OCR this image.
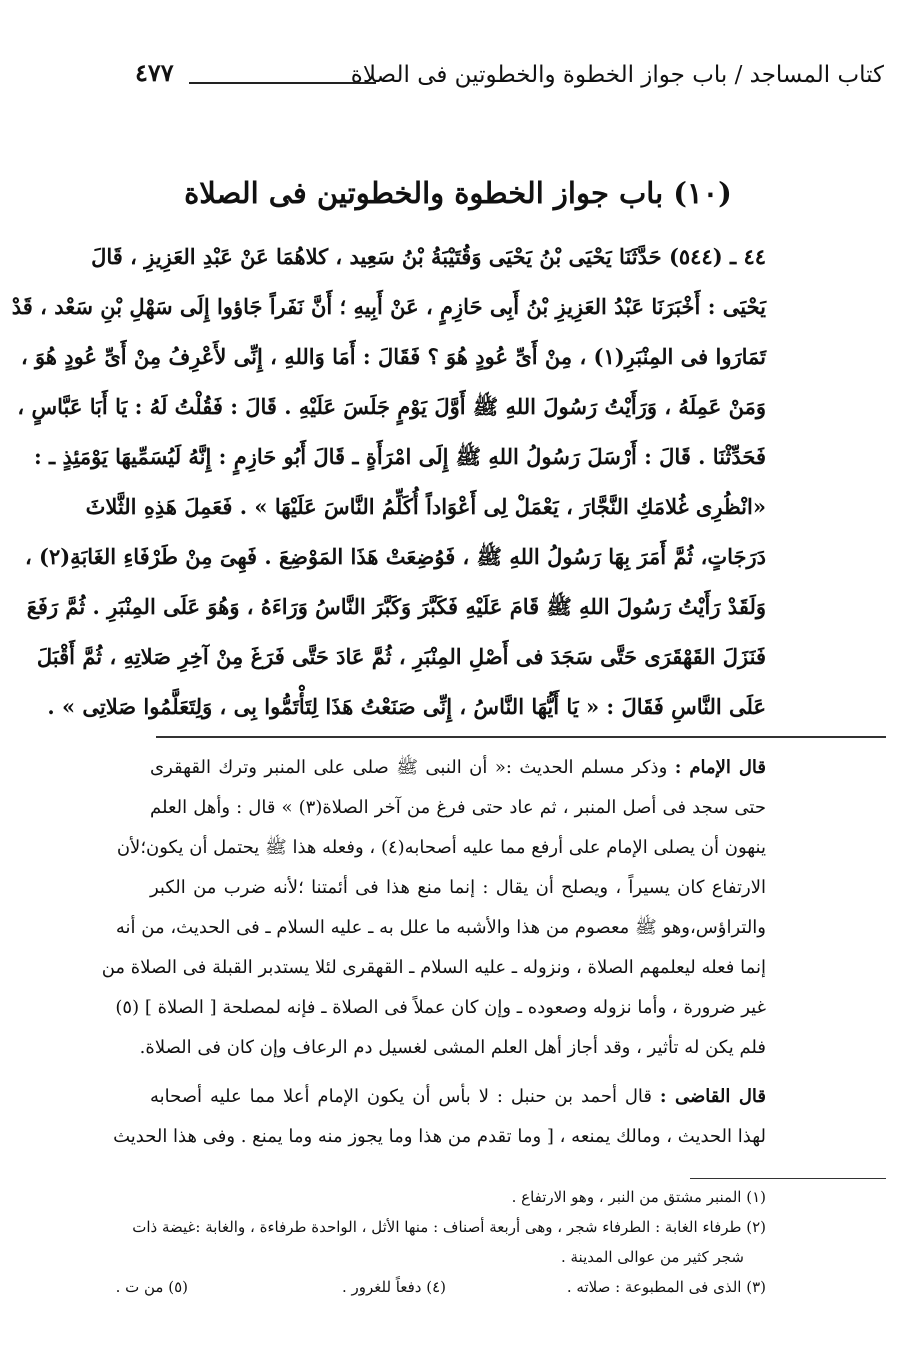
كتاب المساجد / باب جواز الخطوة والخطوتين فى الصلاة
٤٧٧
(١٠) باب جواز الخطوة والخطوتين فى الصلاة
٤٤ ـ (٥٤٤) حَدَّثَنَا يَحْيَى بْنُ يَحْيَى وَقُتَيْبَةُ بْنُ سَعِيد ، كلاهُمَا عَنْ عَبْدِ العَزِيزِ ، قَالَ
يَحْيَى : أَخْبَرَنَا عَبْدُ العَزِيزِ بْنُ أَبِى حَازِمٍ ، عَنْ أَبِيهِ ؛ أَنَّ نَفَراً جَاؤوا إِلَى سَهْلِ بْنِ سَعْد ، قَدْ
تَمَارَوا فى المِنْبَرِ(١) ، مِنْ أَىِّ عُودٍ هُوَ ؟ فَقَالَ : أَمَا وَاللهِ ، إِنِّى لأَعْرِفُ مِنْ أَىِّ عُودٍ هُوَ ،
وَمَنْ عَمِلَهُ ، وَرَأَيْتُ رَسُولَ اللهِ ﷺ أَوَّلَ يَوْمٍ جَلَسَ عَلَيْهِ . قَالَ : فَقُلْتُ لَهُ : يَا أَبَا عَبَّاسٍ ،
فَحَدِّثْنَا . قَالَ : أَرْسَلَ رَسُولُ اللهِ ﷺ إِلَى امْرَأَةٍ ـ قَالَ أَبُو حَازِمٍ : إِنَّهُ لَيُسَمِّيهَا يَوْمَئِذٍ ـ :
«انْظُرِى غُلامَكِ النَّجَّارَ ، يَعْمَلْ لِى أَعْوَاداً أُكَلِّمُ النَّاسَ عَلَيْهَا » . فَعَمِلَ هَذِهِ الثَّلاثَ
دَرَجَاتٍ، ثُمَّ أَمَرَ بِهَا رَسُولُ اللهِ ﷺ ، فَوُضِعَتْ هَذَا المَوْضِعَ . فَهِىَ مِنْ طَرْفَاءِ الغَابَةِ(٢) ،
وَلَقَدْ رَأَيْتُ رَسُولَ اللهِ ﷺ قَامَ عَلَيْهِ فَكَبَّرَ وَكَبَّرَ النَّاسُ وَرَاءَهُ ، وَهُوَ عَلَى المِنْبَرِ . ثُمَّ رَفَعَ
فَنَزَلَ القَهْقَرَى حَتَّى سَجَدَ فى أَصْلِ المِنْبَرِ ، ثُمَّ عَادَ حَتَّى فَرَغَ مِنْ آخِرِ صَلاتِهِ ، ثُمَّ أَقْبَلَ
عَلَى النَّاسِ فَقَالَ : « يَا أَيُّهَا النَّاسُ ، إِنِّى صَنَعْتُ هَذَا لِتَأْتَمُّوا بِى ، وَلِتَعَلَّمُوا صَلاتِى » .
قال الإمام : وذكر مسلم الحديث :« أن النبى ﷺ صلى على المنبر وترك القهقرى
حتى سجد فى أصل المنبر ، ثم عاد حتى فرغ من آخر الصلاة(٣) » قال : وأهل العلم
ينهون أن يصلى الإمام على أرفع مما عليه أصحابه(٤) ، وفعله هذا ﷺ يحتمل أن يكون؛لأن
الارتفاع كان يسيراً ، ويصلح أن يقال : إنما منع هذا فى أئمتنا ؛لأنه ضرب من الكبر
والتراؤس،وهو ﷺ معصوم من هذا والأشبه ما علل به ـ عليه السلام ـ فى الحديث، من أنه
إنما فعله ليعلمهم الصلاة ، ونزوله ـ عليه السلام ـ القهقرى لئلا يستدبر القبلة فى الصلاة من
غير ضرورة ، وأما نزوله وصعوده ـ وإن كان عملاً فى الصلاة ـ فإنه لمصلحة [ الصلاة ] (٥)
فلم يكن له تأثير ، وقد أجاز أهل العلم المشى لغسيل دم الرعاف وإن كان فى الصلاة.
قال القاضى : قال أحمد بن حنبل : لا بأس أن يكون الإمام أعلا مما عليه أصحابه
لهذا الحديث ، ومالك يمنعه ، [ وما تقدم من هذا وما يجوز منه وما يمنع . وفى هذا الحديث
(١) المنبر مشتق من النبر ، وهو الارتفاع .
(٢) طرفاء الغابة : الطرفاء شجر ، وهى أربعة أصناف : منها الأثل ، الواحدة طرفاءة ، والغابة :غيضة ذات
شجر كثير من عوالى المدينة .
(٣) الذى فى المطبوعة : صلاته .
(٤) دفعاً للغرور .
(٥) من ت .
